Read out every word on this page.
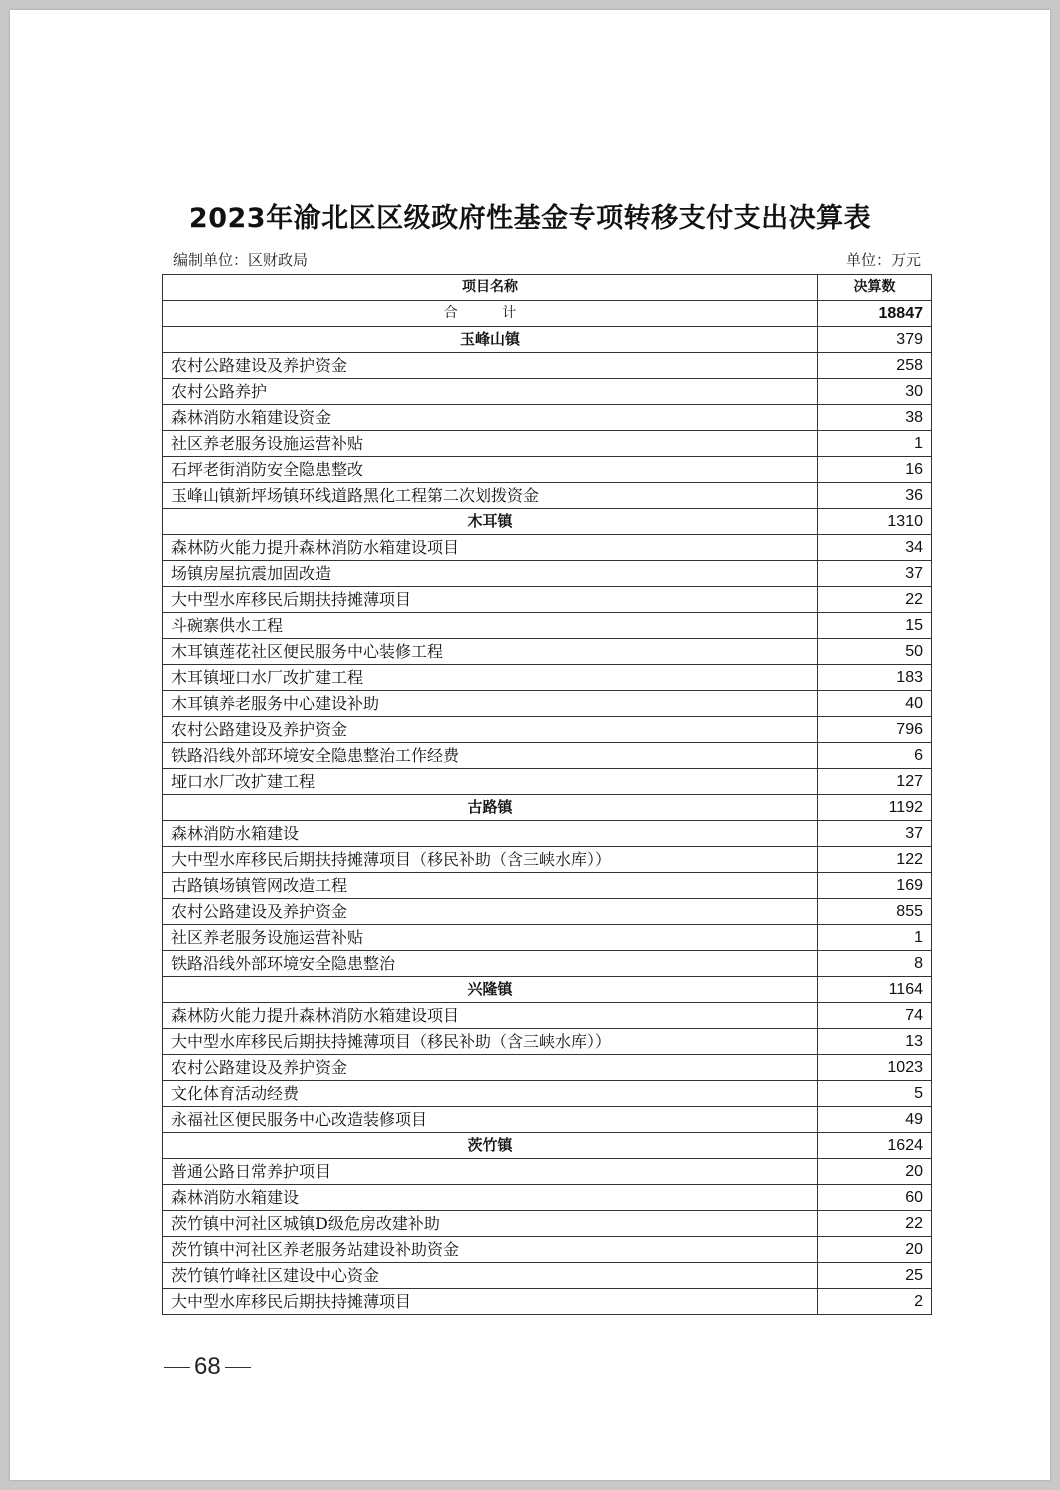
2023年渝北区区级政府性基金专项转移支付支出决算表
编制单位：区财政局	单位：万元
项目名称	决算数
合 计	18847
玉峰山镇	379
农村公路建设及养护资金	258
农村公路养护	30
森林消防水箱建设资金	38
社区养老服务设施运营补贴	1
石坪老街消防安全隐患整改	16
玉峰山镇新坪场镇环线道路黑化工程第二次划拨资金	36
木耳镇	1310
森林防火能力提升森林消防水箱建设项目	34
场镇房屋抗震加固改造	37
大中型水库移民后期扶持摊薄项目	22
斗碗寨供水工程	15
木耳镇莲花社区便民服务中心装修工程	50
木耳镇垭口水厂改扩建工程	183
木耳镇养老服务中心建设补助	40
农村公路建设及养护资金	796
铁路沿线外部环境安全隐患整治工作经费	6
垭口水厂改扩建工程	127
古路镇	1192
森林消防水箱建设	37
大中型水库移民后期扶持摊薄项目（移民补助（含三峡水库））	122
古路镇场镇管网改造工程	169
农村公路建设及养护资金	855
社区养老服务设施运营补贴	1
铁路沿线外部环境安全隐患整治	8
兴隆镇	1164
森林防火能力提升森林消防水箱建设项目	74
大中型水库移民后期扶持摊薄项目（移民补助（含三峡水库））	13
农村公路建设及养护资金	1023
文化体育活动经费	5
永福社区便民服务中心改造装修项目	49
茨竹镇	1624
普通公路日常养护项目	20
森林消防水箱建设	60
茨竹镇中河社区城镇D级危房改建补助	22
茨竹镇中河社区养老服务站建设补助资金	20
茨竹镇竹峰社区建设中心资金	25
大中型水库移民后期扶持摊薄项目	2
68
